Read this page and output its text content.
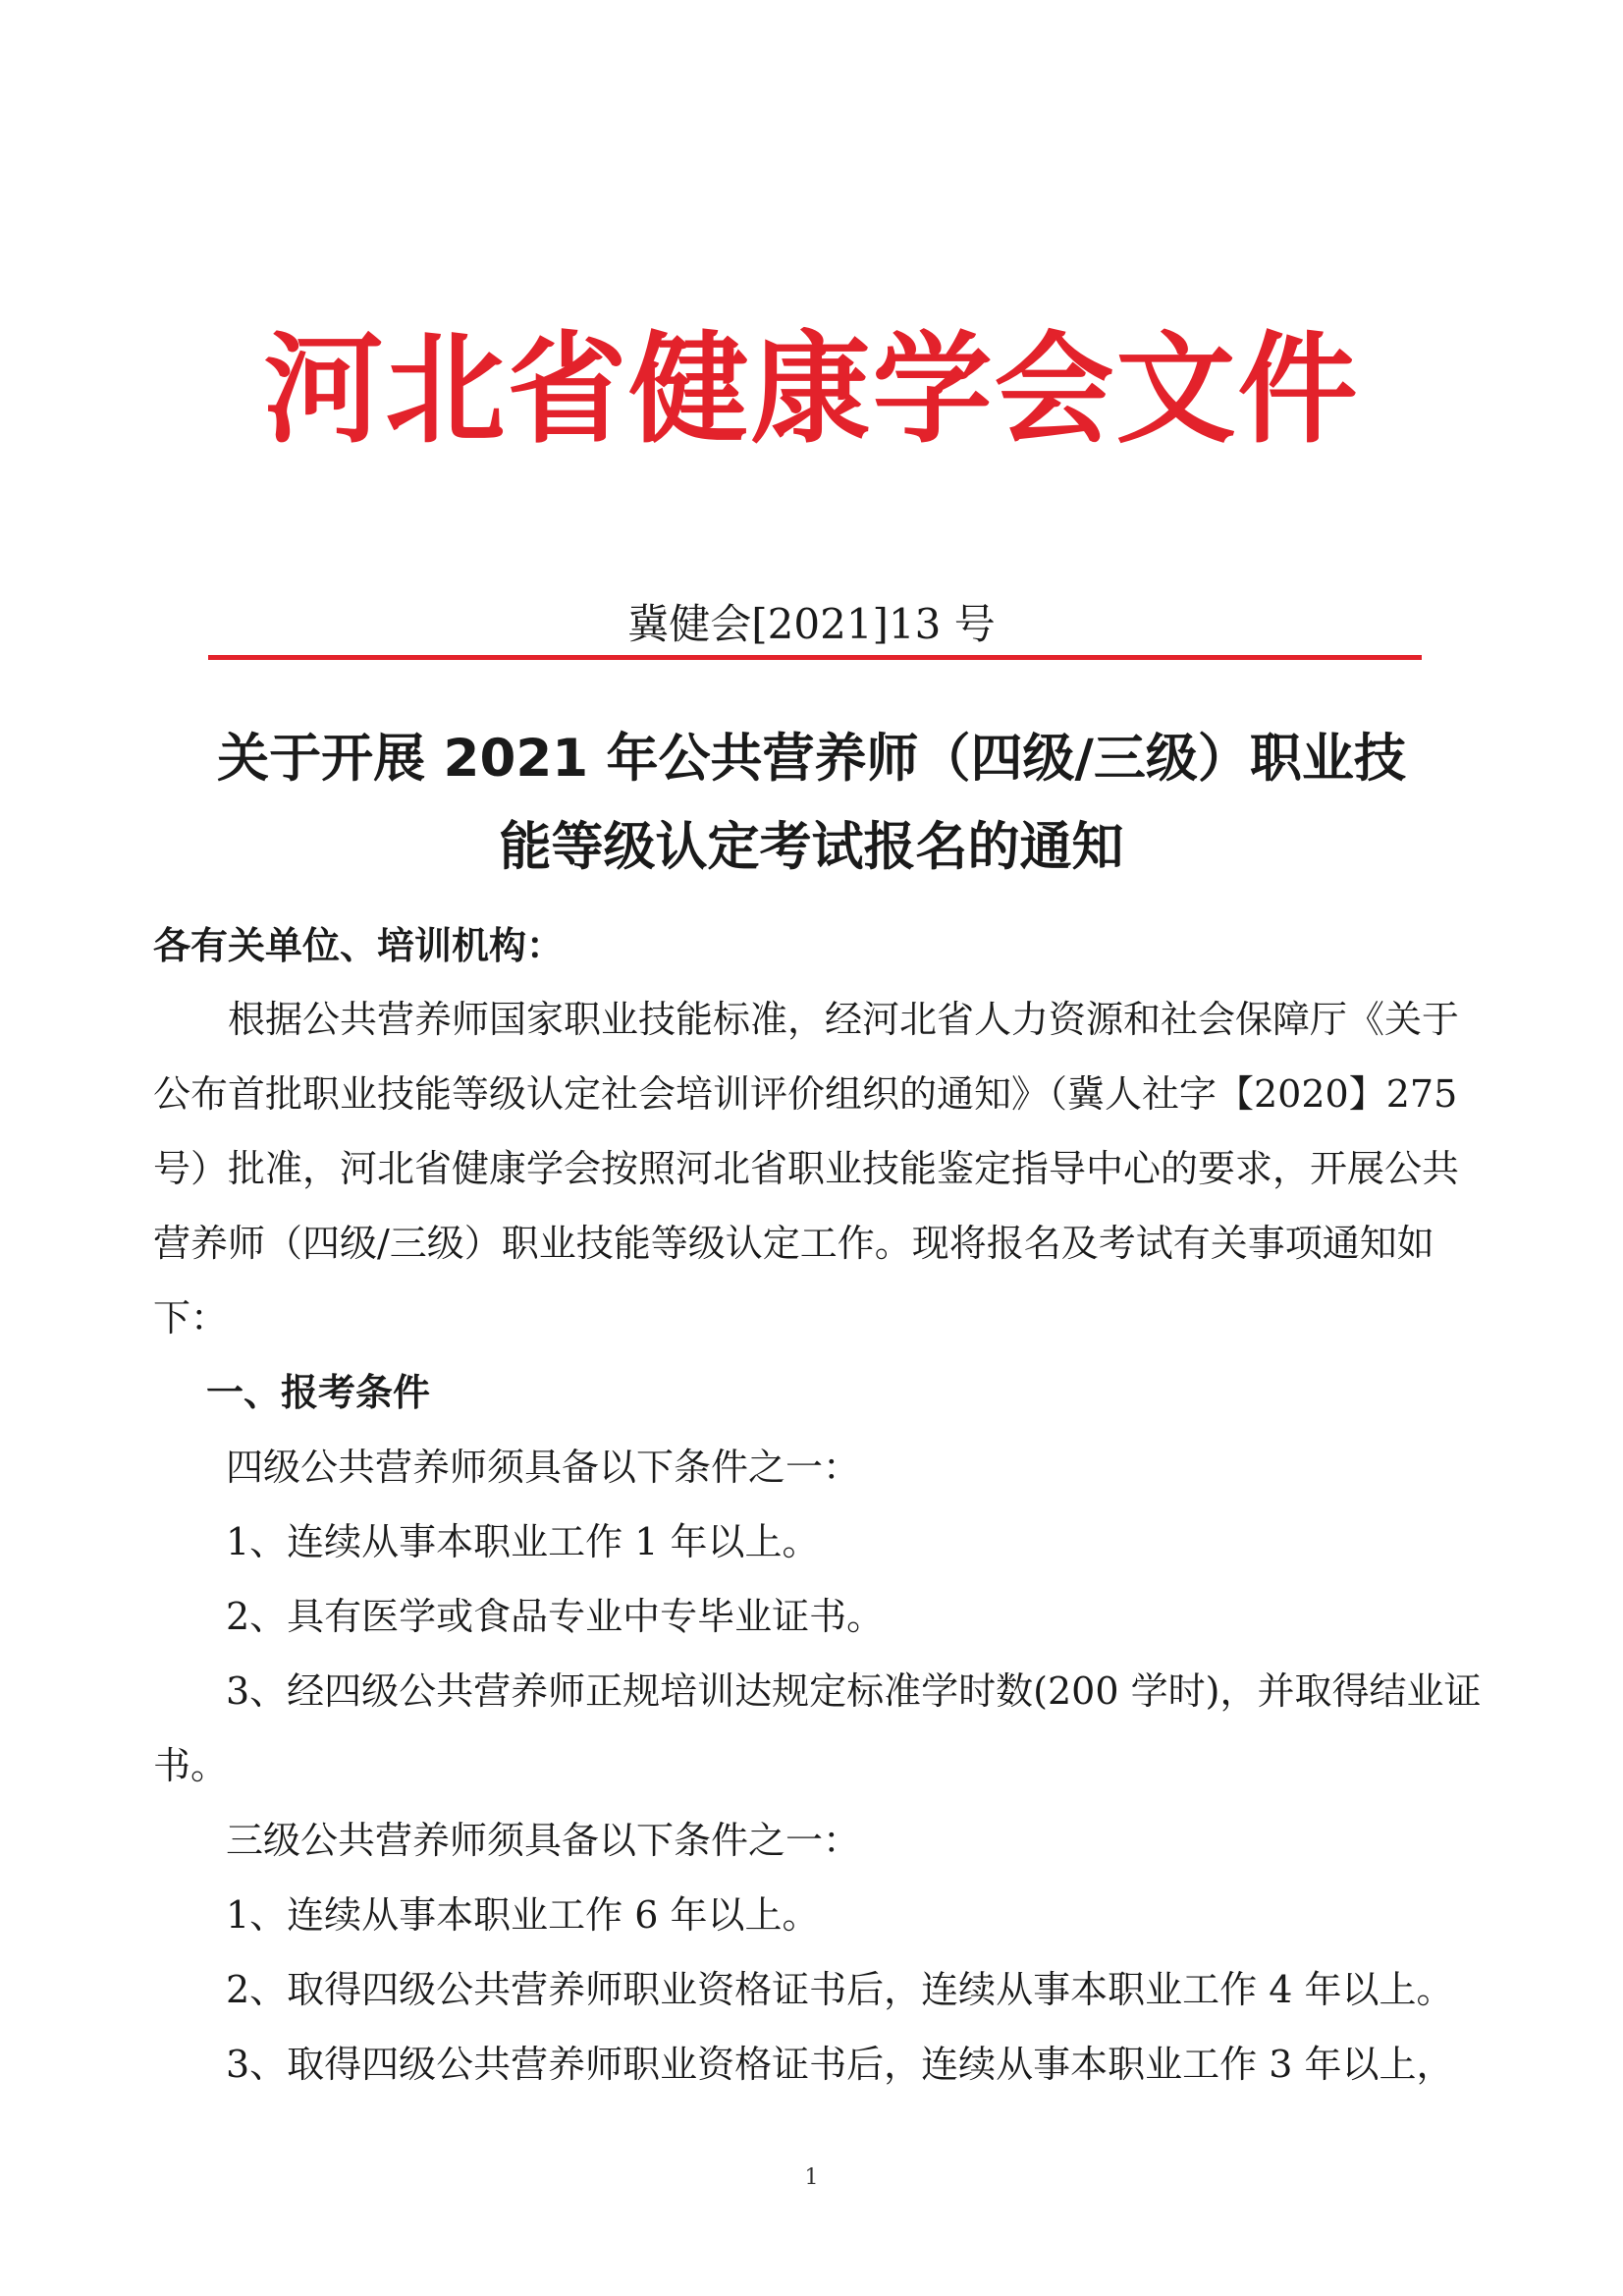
河北省健康学会文件
冀健会[2021]13 号
关于开展 2021 年公共营养师（四级/三级）职业技
能等级认定考试报名的通知
各有关单位、培训机构：
　　根据公共营养师国家职业技能标准，经河北省人力资源和社会保障厅《关于
公布首批职业技能等级认定社会培训评价组织的通知》（冀人社字【2020】275
号）批准，河北省健康学会按照河北省职业技能鉴定指导中心的要求，开展公共
营养师（四级/三级）职业技能等级认定工作。现将报名及考试有关事项通知如
下：
一、报考条件
四级公共营养师须具备以下条件之一：
1、连续从事本职业工作 1 年以上。
2、具有医学或食品专业中专毕业证书。
3、经四级公共营养师正规培训达规定标准学时数(200 学时)，并取得结业证
书。
三级公共营养师须具备以下条件之一：
1、连续从事本职业工作 6 年以上。
2、取得四级公共营养师职业资格证书后，连续从事本职业工作 4 年以上。
3、取得四级公共营养师职业资格证书后，连续从事本职业工作 3 年以上，
1
